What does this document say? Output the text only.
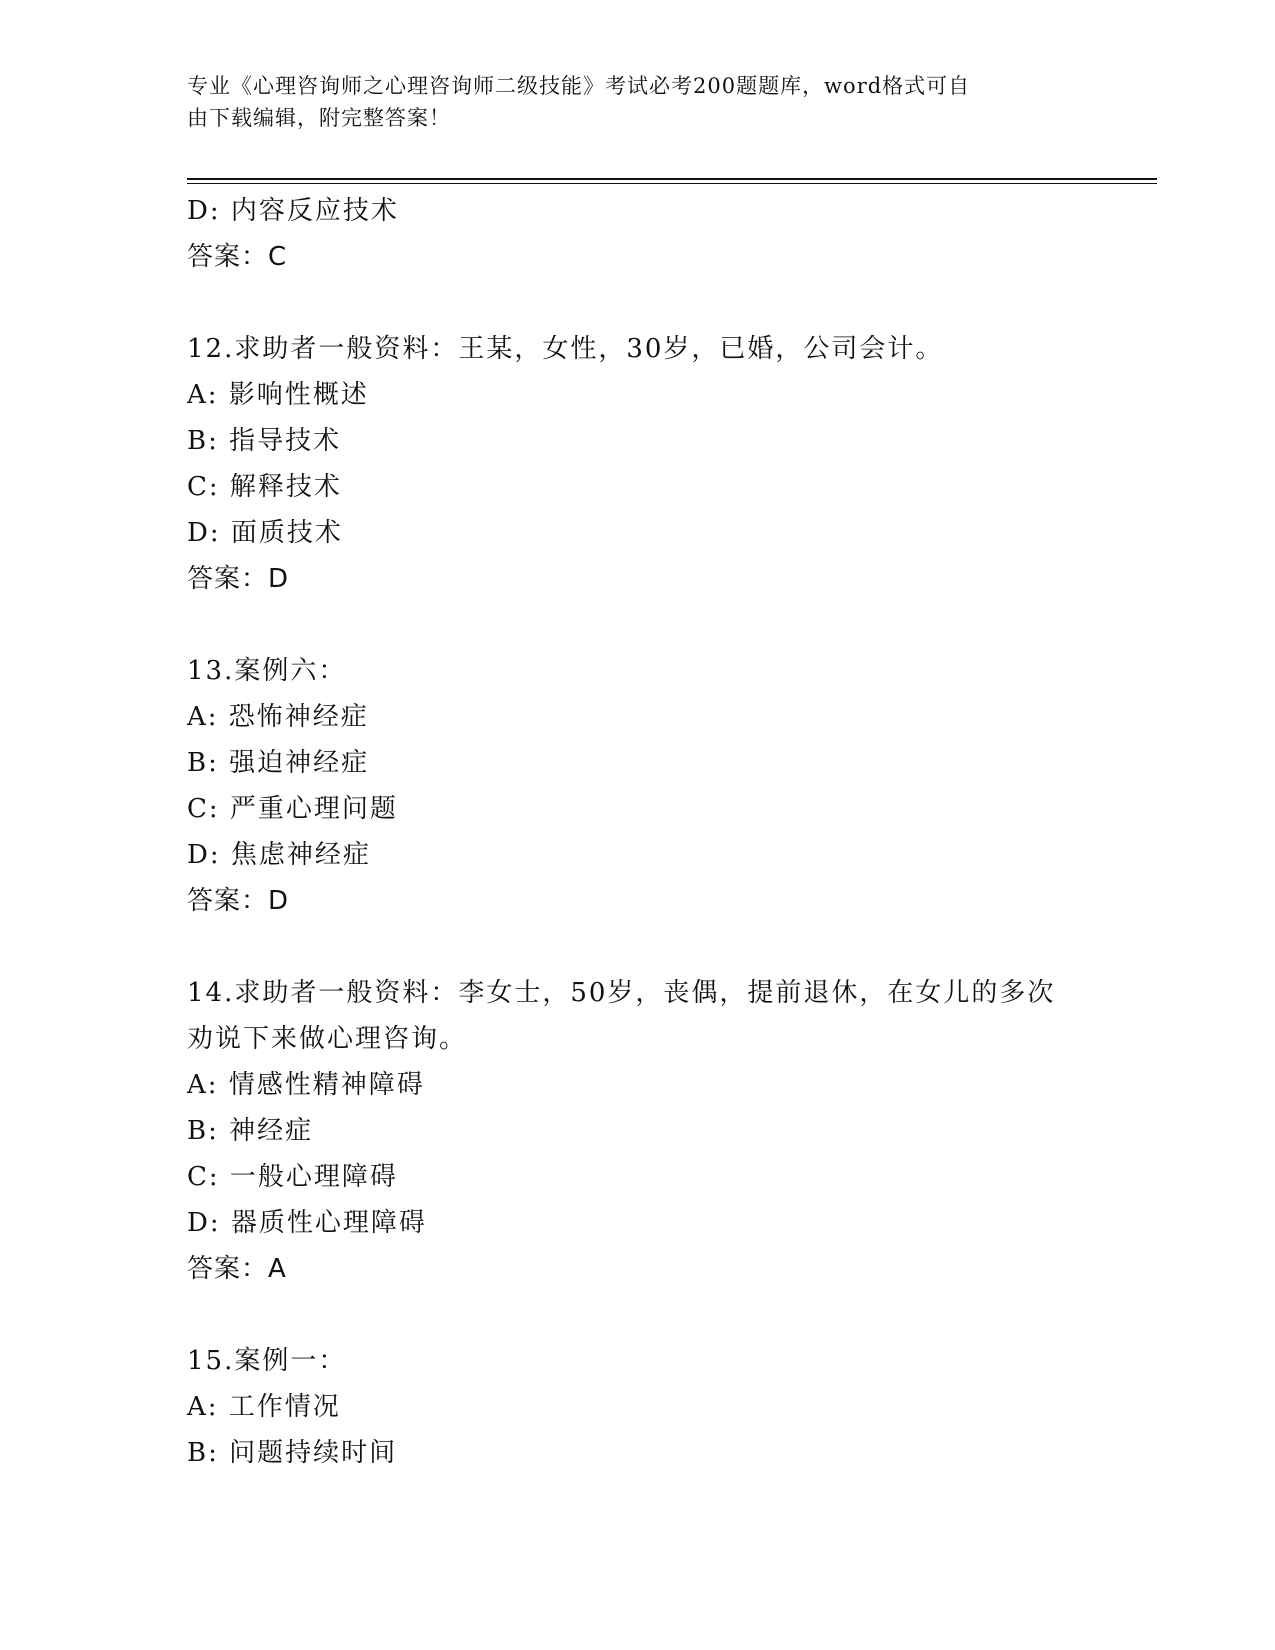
专业《心理咨询师之心理咨询师二级技能》考试必考200题题库，word格式可自
由下载编辑，附完整答案！
D: 内容反应技术
答案：C
12.求助者一般资料：王某，女性，30岁，已婚，公司会计。
A: 影响性概述
B: 指导技术
C: 解释技术
D: 面质技术
答案：D
13.案例六：
A: 恐怖神经症
B: 强迫神经症
C: 严重心理问题
D: 焦虑神经症
答案：D
14.求助者一般资料：李女士，50岁，丧偶，提前退休，在女儿的多次
劝说下来做心理咨询。
A: 情感性精神障碍
B: 神经症
C: 一般心理障碍
D: 器质性心理障碍
答案：A
15.案例一：
A: 工作情况
B: 问题持续时间
